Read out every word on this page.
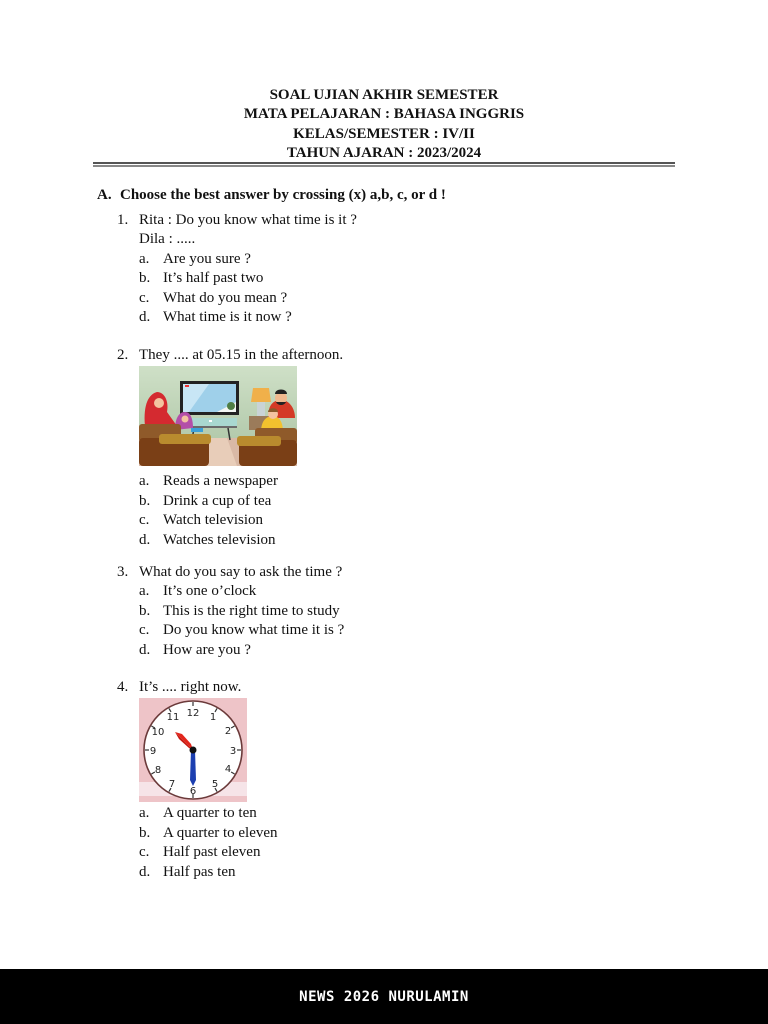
SOAL UJIAN AKHIR SEMESTER
MATA PELAJARAN : BAHASA INGGRIS
KELAS/SEMESTER : IV/II
TAHUN AJARAN : 2023/2024
A. Choose the best answer by crossing (x) a,b, c, or d !
1. Rita : Do you know what time is it ?
Dila : .....
a. Are you sure ?
b. It’s half past two
c. What do you mean ?
d. What time is it now ?
2. They .... at 05.15 in the afternoon.
a. Reads a newspaper
b. Drink a cup of tea
c. Watch television
d. Watches television
3. What do you say to ask the time ?
a. It’s one o’clock
b. This is the right time to study
c. Do you know what time it is ?
d. How are you ?
4. It’s .... right now.
12 1
2
3
4
5
6
7
8
9
10
11
a. A quarter to ten
b. A quarter to eleven
c. Half past eleven
d. Half pas ten
NEWS 2026 NURULAMIN
